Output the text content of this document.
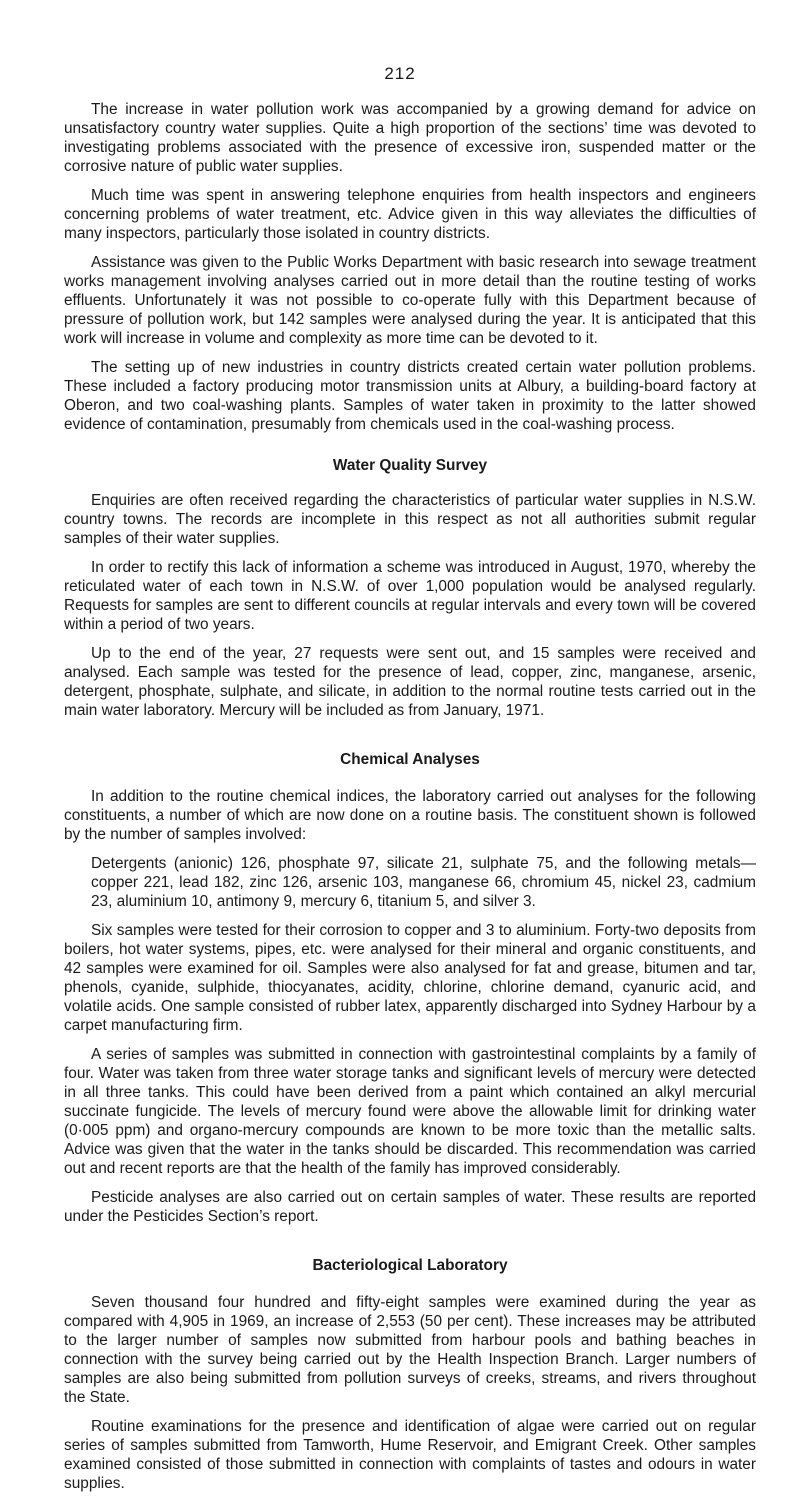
212

The increase in water pollution work was accompanied by a growing demand for advice on unsatisfactory country water supplies. Quite a high proportion of the sections’ time was devoted to investigating problems associated with the presence of excessive iron, suspended matter or the corrosive nature of public water supplies.

Much time was spent in answering telephone enquiries from health inspectors and engineers concerning problems of water treatment, etc. Advice given in this way alleviates the difficulties of many inspectors, particularly those isolated in country districts.

Assistance was given to the Public Works Department with basic research into sewage treatment works management involving analyses carried out in more detail than the routine testing of works effluents. Unfortunately it was not possible to co-operate fully with this Department because of pressure of pollution work, but 142 samples were analysed during the year. It is anticipated that this work will increase in volume and complexity as more time can be devoted to it.

The setting up of new industries in country districts created certain water pollution problems. These included a factory producing motor transmission units at Albury, a building-board factory at Oberon, and two coal-washing plants. Samples of water taken in proximity to the latter showed evidence of contamination, presumably from chemicals used in the coal-washing process.

Water Quality Survey

Enquiries are often received regarding the characteristics of particular water supplies in N.S.W. country towns. The records are incomplete in this respect as not all authorities submit regular samples of their water supplies.

In order to rectify this lack of information a scheme was introduced in August, 1970, whereby the reticulated water of each town in N.S.W. of over 1,000 population would be analysed regularly. Requests for samples are sent to different councils at regular intervals and every town will be covered within a period of two years.

Up to the end of the year, 27 requests were sent out, and 15 samples were received and analysed. Each sample was tested for the presence of lead, copper, zinc, manganese, arsenic, detergent, phosphate, sulphate, and silicate, in addition to the normal routine tests carried out in the main water laboratory. Mercury will be included as from January, 1971.

Chemical Analyses

In addition to the routine chemical indices, the laboratory carried out analyses for the following constituents, a number of which are now done on a routine basis. The constituent shown is followed by the number of samples involved:

Detergents (anionic) 126, phosphate 97, silicate 21, sulphate 75, and the following metals— copper 221, lead 182, zinc 126, arsenic 103, manganese 66, chromium 45, nickel 23, cadmium 23, aluminium 10, antimony 9, mercury 6, titanium 5, and silver 3.

Six samples were tested for their corrosion to copper and 3 to aluminium. Forty-two deposits from boilers, hot water systems, pipes, etc. were analysed for their mineral and organic constituents, and 42 samples were examined for oil. Samples were also analysed for fat and grease, bitumen and tar, phenols, cyanide, sulphide, thiocyanates, acidity, chlorine, chlorine demand, cyanuric acid, and volatile acids. One sample consisted of rubber latex, apparently discharged into Sydney Harbour by a carpet manufacturing firm.

A series of samples was submitted in connection with gastrointestinal complaints by a family of four. Water was taken from three water storage tanks and significant levels of mercury were detected in all three tanks. This could have been derived from a paint which contained an alkyl mercurial succinate fungicide. The levels of mercury found were above the allowable limit for drinking water (0·005 ppm) and organo-mercury compounds are known to be more toxic than the metallic salts. Advice was given that the water in the tanks should be discarded. This recommendation was carried out and recent reports are that the health of the family has improved considerably.

Pesticide analyses are also carried out on certain samples of water. These results are reported under the Pesticides Section’s report.

Bacteriological Laboratory

Seven thousand four hundred and fifty-eight samples were examined during the year as compared with 4,905 in 1969, an increase of 2,553 (50 per cent). These increases may be attributed to the larger number of samples now submitted from harbour pools and bathing beaches in connection with the survey being carried out by the Health Inspection Branch. Larger numbers of samples are also being submitted from pollution surveys of creeks, streams, and rivers throughout the State.

Routine examinations for the presence and identification of algae were carried out on regular series of samples submitted from Tamworth, Hume Reservoir, and Emigrant Creek. Other samples examined consisted of those submitted in connection with complaints of tastes and odours in water supplies.
